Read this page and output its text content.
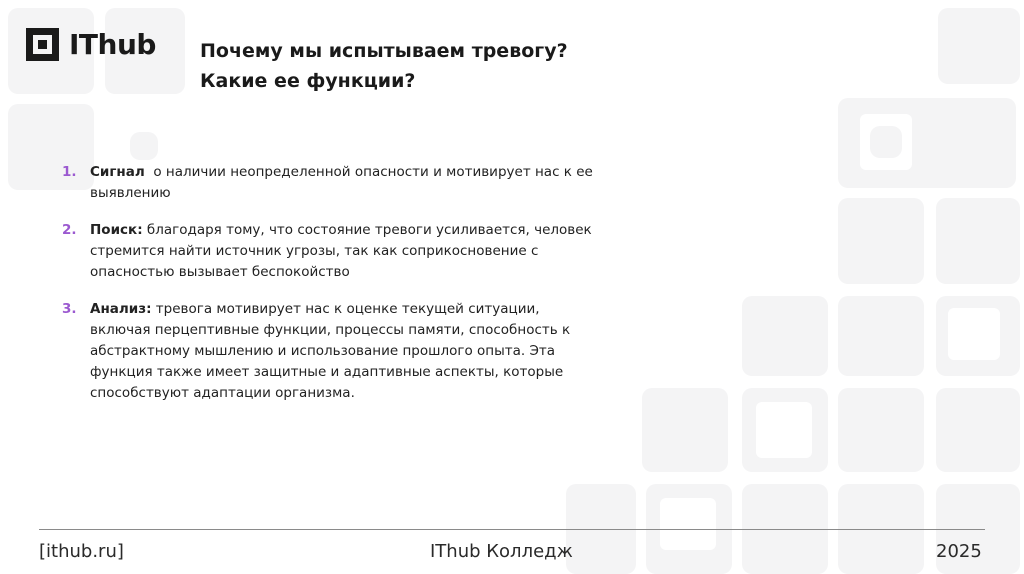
IThub Почему мы испытываем тревогу?
Какие ее функции?
1. Сигнал о наличии неопределенной опасности и мотивирует нас к ее выявлению
2. Поиск: благодаря тому, что состояние тревоги усиливается, человек стремится найти источник угрозы, так как соприкосновение с опасностью вызывает беспокойство
3. Анализ: тревога мотивирует нас к оценке текущей ситуации, включая перцептивные функции, процессы памяти, способность к абстрактному мышлению и использование прошлого опыта. Эта функция также имеет защитные и адаптивные аспекты, которые способствуют адаптации организма.
[ithub.ru]	IThub Колледж	2025
